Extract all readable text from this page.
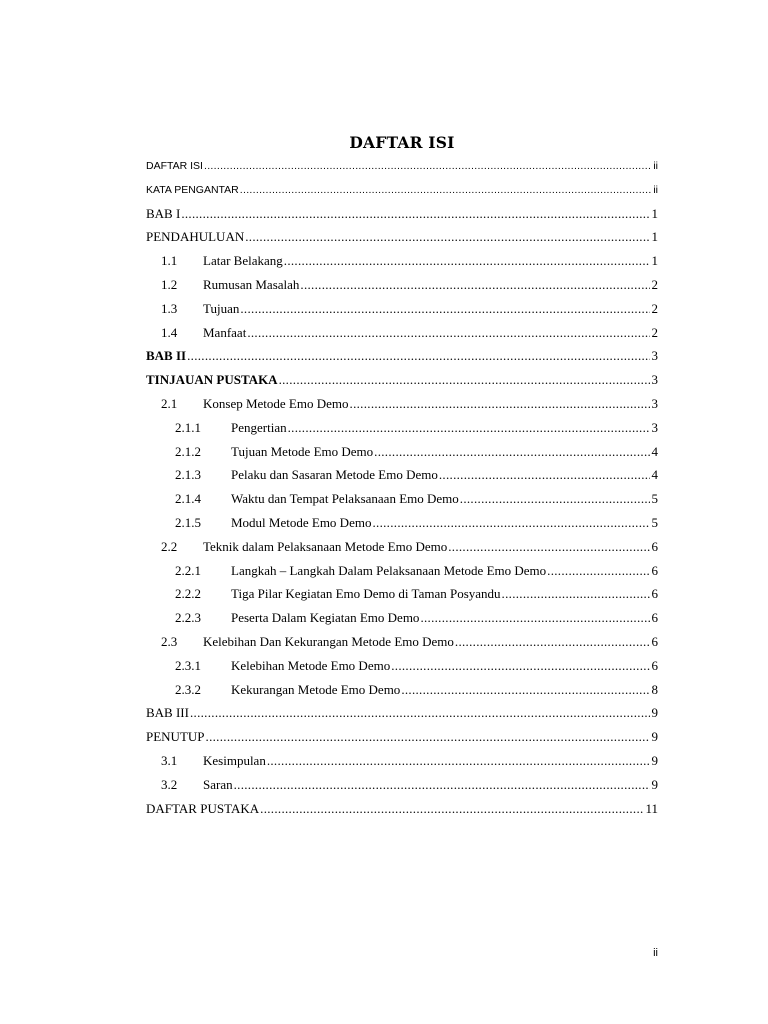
DAFTAR ISI
DAFTAR ISI .....	ii
KATA PENGANTAR .....	ii
BAB I .....	1
PENDAHULUAN .....	1
1.1	Latar Belakang .....	1
1.2	Rumusan Masalah .....	2
1.3	Tujuan .....	2
1.4	Manfaat .....	2
BAB II .....	3
TINJAUAN PUSTAKA .....	3
2.1	Konsep Metode Emo Demo .....	3
2.1.1	Pengertian .....	3
2.1.2	Tujuan Metode Emo Demo .....	4
2.1.3	Pelaku dan Sasaran Metode Emo Demo .....	4
2.1.4	Waktu dan Tempat Pelaksanaan Emo Demo .....	5
2.1.5	Modul Metode Emo Demo .....	5
2.2	Teknik dalam Pelaksanaan Metode Emo Demo .....	6
2.2.1	Langkah – Langkah Dalam Pelaksanaan Metode Emo Demo .....	6
2.2.2	Tiga Pilar Kegiatan Emo Demo di Taman Posyandu .....	6
2.2.3	Peserta Dalam Kegiatan Emo Demo .....	6
2.3	Kelebihan Dan Kekurangan Metode Emo Demo .....	6
2.3.1	Kelebihan Metode Emo Demo .....	6
2.3.2	Kekurangan Metode Emo Demo .....	8
BAB III .....	9
PENUTUP .....	9
3.1	Kesimpulan .....	9
3.2	Saran .....	9
DAFTAR PUSTAKA .....	11
ii
